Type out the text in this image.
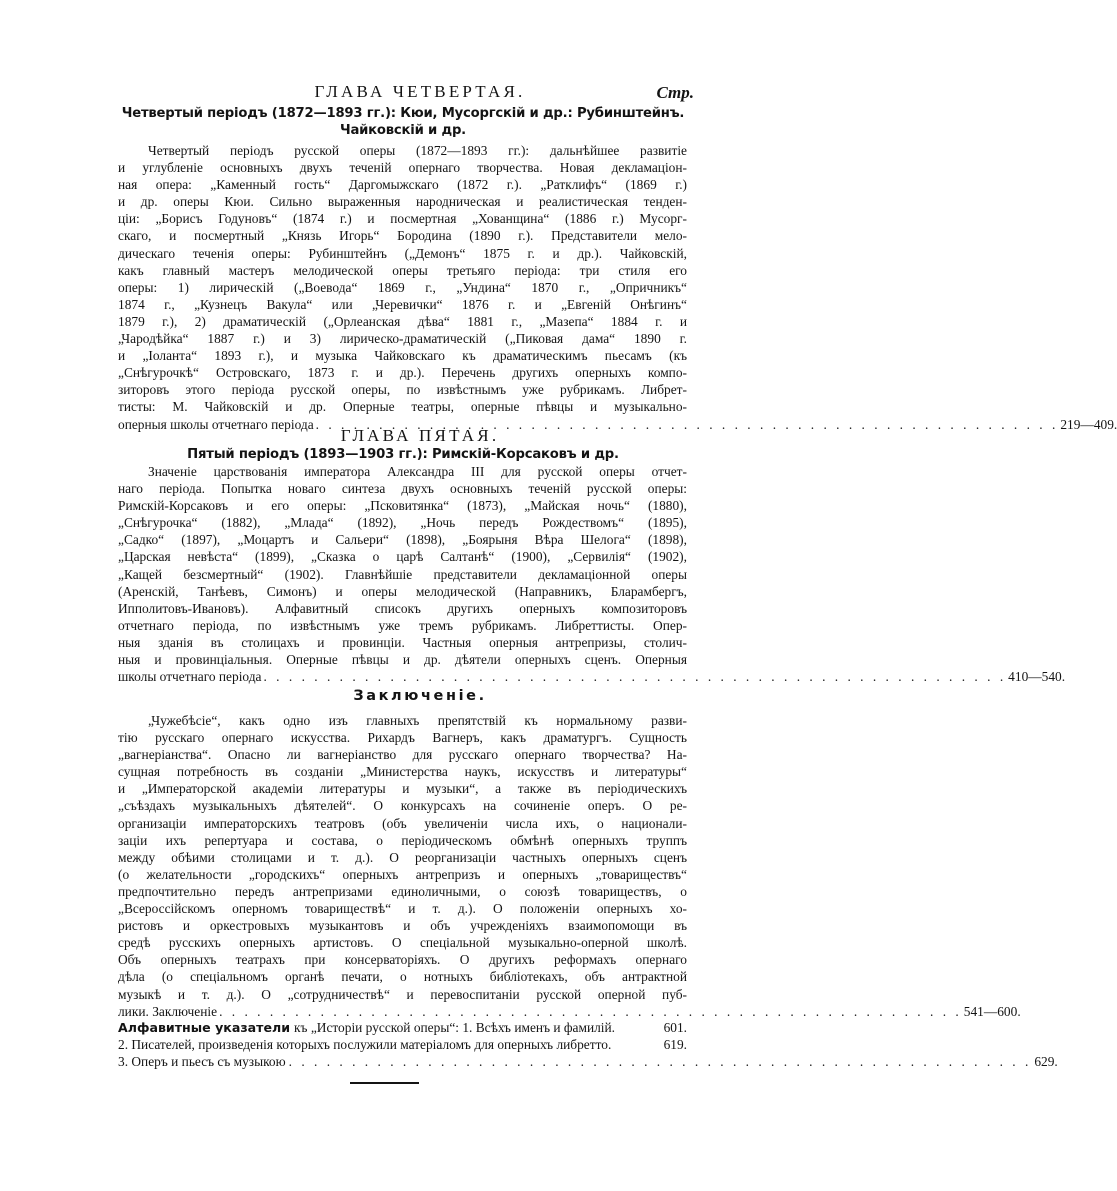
ГЛАВА ЧЕТВЕРТАЯ.	Стр.
Четвертый періодъ (1872—1893 гг.): Кюи, Мусоргскій и др.: Рубинштейнъ.
Чайковскій и др.
Четвертый періодъ русской оперы (1872—1893 гг.): дальнѣйшее развитіе
и углубленіе основныхъ двухъ теченій опернаго творчества. Новая декламаціон-
ная опера: „Каменный гость“ Даргомыжскаго (1872 г.). „Ратклифъ“ (1869 г.)
и др. оперы Кюи. Сильно выраженныя народническая и реалистическая тенден-
ціи: „Борисъ Годуновъ“ (1874 г.) и посмертная „Хованщина“ (1886 г.) Мусорг-
скаго, и посмертный „Князь Игорь“ Бородина (1890 г.). Представители мело-
дическаго теченія оперы: Рубинштейнъ („Демонъ“ 1875 г. и др.). Чайковскій,
какъ главный мастеръ мелодической оперы третьяго періода: три стиля его
оперы: 1) лирическій („Воевода“ 1869 г., „Ундина“ 1870 г., „Опричникъ“
1874 г., „Кузнецъ Вакула“ или „Черевички“ 1876 г. и „Евгеній Онѣгинъ“
1879 г.), 2) драматическій („Орлеанская дѣва“ 1881 г., „Мазепа“ 1884 г. и
„Чародѣйка“ 1887 г.) и 3) лирическо-драматическій („Пиковая дама“ 1890 г.
и „Іоланта“ 1893 г.), и музыка Чайковскаго къ драматическимъ пьесамъ (къ
„Снѣгурочкѣ“ Островскаго, 1873 г. и др.). Перечень другихъ оперныхъ компо-
зиторовъ этого періода русской оперы, по извѣстнымъ уже рубрикамъ. Либрет-
тисты: М. Чайковскій и др. Оперные театры, оперные пѣвцы и музыкально-
оперныя школы отчетнаго періода . . . . . . . . . . . . . . . . . . . . . . . . . . . . . . . . . . . . . . . . . . . . . . . . . . . . . . . . . . . 219—409.
ГЛАВА ПЯТАЯ.
Пятый періодъ (1893—1903 гг.): Римскій-Корсаковъ и др.
Значеніе царствованія императора Александра III для русской оперы отчет-
наго періода. Попытка новаго синтеза двухъ основныхъ теченій русской оперы:
Римскій-Корсаковъ и его оперы: „Псковитянка“ (1873), „Майская ночь“ (1880),
„Снѣгурочка“ (1882), „Млада“ (1892), „Ночь передъ Рождествомъ“ (1895),
„Садко“ (1897), „Моцартъ и Сальери“ (1898), „Боярыня Вѣра Шелога“ (1898),
„Царская невѣста“ (1899), „Сказка о царѣ Салтанѣ“ (1900), „Сервилія“ (1902),
„Кащей безсмертный“ (1902). Главнѣйшіе представители декламаціонной оперы
(Аренскій, Танѣевъ, Симонъ) и оперы мелодической (Направникъ, Бларамбергъ,
Ипполитовъ-Ивановъ). Алфавитный списокъ другихъ оперныхъ композиторовъ
отчетнаго періода, по извѣстнымъ уже тремъ рубрикамъ. Либреттисты. Опер-
ныя зданія въ столицахъ и провинціи. Частныя оперныя антрепризы, столич-
ныя и провинціальныя. Оперные пѣвцы и др. дѣятели оперныхъ сценъ. Оперныя
школы отчетнаго періода . . . . . . . . . . . . . . . . . . . . . . . . . . . . . . . . . . . . . . . . . . . . . . . . . . . . . . . . . . . 410—540.
Заключеніе.
„Чужебѣсіе“, какъ одно изъ главныхъ препятствій къ нормальному разви-
тію русскаго опернаго искусства. Рихардъ Вагнеръ, какъ драматургъ. Сущность
„вагнеріанства“. Опасно ли вагнеріанство для русскаго опернаго творчества? На-
сущная потребность въ созданіи „Министерства наукъ, искусствъ и литературы“
и „Императорской академіи литературы и музыки“, а также въ періодическихъ
„съѣздахъ музыкальныхъ дѣятелей“. О конкурсахъ на сочиненіе оперъ. О ре-
организаціи императорскихъ театровъ (объ увеличеніи числа ихъ, о национали-
заціи ихъ репертуара и состава, о періодическомъ обмѣнѣ оперныхъ труппъ
между обѣими столицами и т. д.). О реорганизаціи частныхъ оперныхъ сценъ
(о желательности „городскихъ“ оперныхъ антрепризъ и оперныхъ „товариществъ“
предпочтительно передъ антрепризами единоличными, о союзѣ товариществъ, о
„Всероссійскомъ оперномъ товариществѣ“ и т. д.). О положеніи оперныхъ хо-
ристовъ и оркестровыхъ музыкантовъ и объ учрежденіяхъ взаимопомощи въ
средѣ русскихъ оперныхъ артистовъ. О спеціальной музыкально-оперной школѣ.
Объ оперныхъ театрахъ при консерваторіяхъ. О другихъ реформахъ опернаго
дѣла (о спеціальномъ органѣ печати, о нотныхъ библіотекахъ, объ антрактной
музыкѣ и т. д.). О „сотрудничествѣ“ и перевоспитаніи русской оперной пуб-
лики. Заключеніе . . . . . . . . . . . . . . . . . . . . . . . . . . . . . . . . . . . . . . . . . . . . . . . . . . . . . . . . . . . 541—600.
Алфавитные указатели къ „Исторіи русской оперы“: 1. Всѣхъ именъ и фамилій.	601.
2. Писателей, произведенія которыхъ послужили матеріаломъ для оперныхъ либретто.	619.
3. Оперъ и пьесъ съ музыкою . . . . . . . . . . . . . . . . . . . . . . . . . . . . . . . . . . . . . . . . . . . . . . . . . . . . . . . . . . . 629.
